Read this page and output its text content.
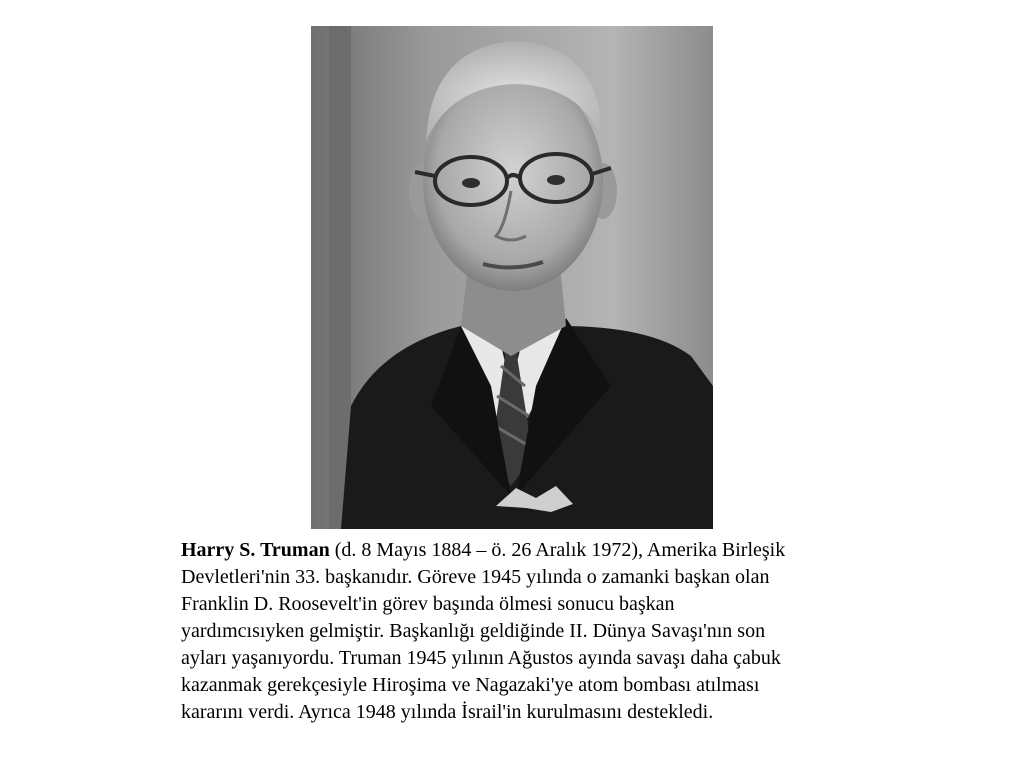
Harry S. Truman (d. 8 Mayıs 1884 – ö. 26 Aralık 1972), Amerika Birleşik
Devletleri'nin 33. başkanıdır. Göreve 1945 yılında o zamanki başkan olan
Franklin D. Roosevelt'in görev başında ölmesi sonucu başkan
yardımcısıyken gelmiştir. Başkanlığı geldiğinde II. Dünya Savaşı'nın son
ayları yaşanıyordu. Truman 1945 yılının Ağustos ayında savaşı daha çabuk
kazanmak gerekçesiyle Hiroşima ve Nagazaki'ye atom bombası atılması
kararını verdi. Ayrıca 1948 yılında İsrail'in kurulmasını destekledi.
